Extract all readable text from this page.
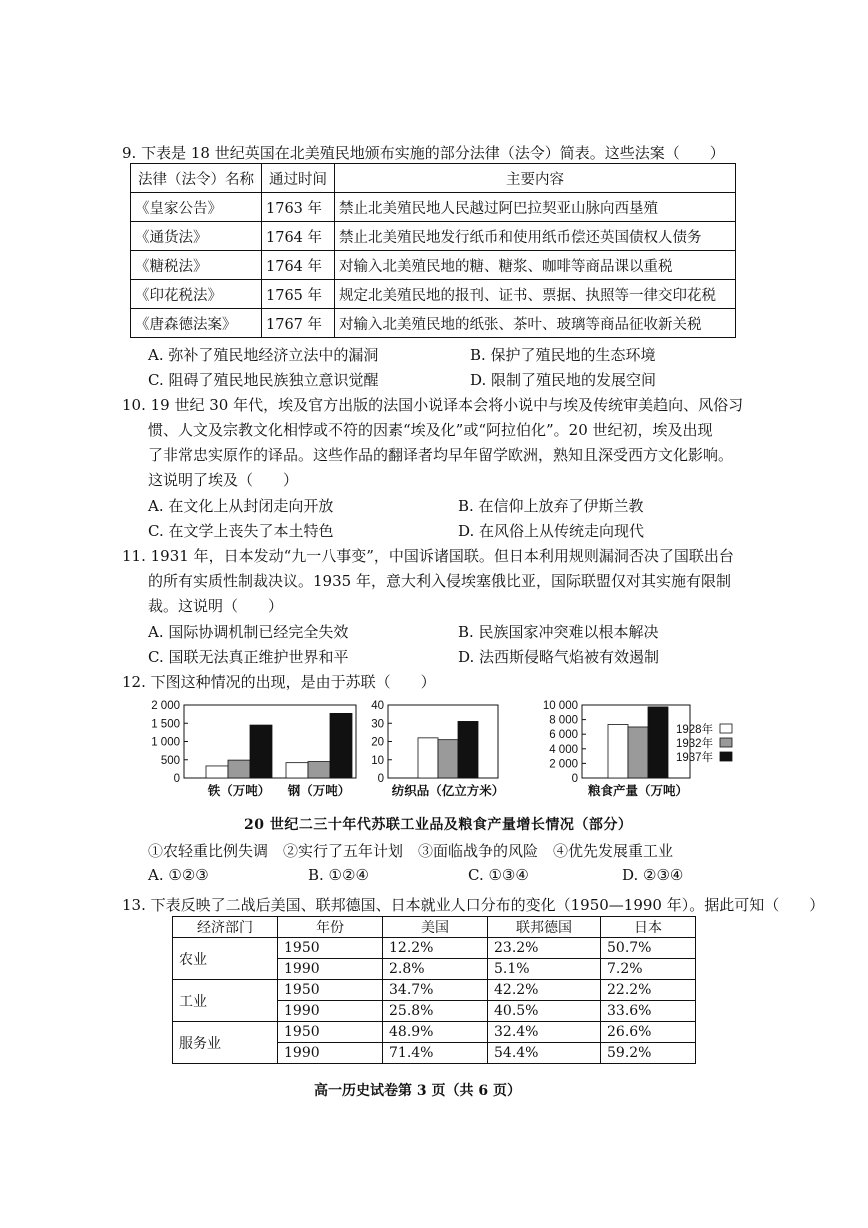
9. 下表是 18 世纪英国在北美殖民地颁布实施的部分法律（法令）简表。这些法案（　　）
法律（法令）名称	通过时间	主要内容
《皇家公告》	1763 年	禁止北美殖民地人民越过阿巴拉契亚山脉向西垦殖
《通货法》	1764 年	禁止北美殖民地发行纸币和使用纸币偿还英国债权人债务
《糖税法》	1764 年	对输入北美殖民地的糖、糖浆、咖啡等商品课以重税
《印花税法》	1765 年	规定北美殖民地的报刊、证书、票据、执照等一律交印花税
《唐森德法案》	1767 年	对输入北美殖民地的纸张、茶叶、玻璃等商品征收新关税
A. 弥补了殖民地经济立法中的漏洞	B. 保护了殖民地的生态环境
C. 阻碍了殖民地民族独立意识觉醒	D. 限制了殖民地的发展空间
10. 19 世纪 30 年代，埃及官方出版的法国小说译本会将小说中与埃及传统审美趋向、风俗习
惯、人文及宗教文化相悖或不符的因素“埃及化”或“阿拉伯化”。20 世纪初，埃及出现
了非常忠实原作的译品。这些作品的翻译者均早年留学欧洲，熟知且深受西方文化影响。
这说明了埃及（　　）
A. 在文化上从封闭走向开放	B. 在信仰上放弃了伊斯兰教
C. 在文学上丧失了本土特色	D. 在风俗上从传统走向现代
11. 1931 年，日本发动“九一八事变”，中国诉诸国联。但日本利用规则漏洞否决了国联出台
的所有实质性制裁决议。1935 年，意大利入侵埃塞俄比亚，国际联盟仅对其实施有限制
裁。这说明（　　）
A. 国际协调机制已经完全失效	B. 民族国家冲突难以根本解决
C. 国联无法真正维护世界和平	D. 法西斯侵略气焰被有效遏制
12. 下图这种情况的出现，是由于苏联（　　）
2 000
1 500
1 000
500
0
铁（万吨） 钢（万吨）
40
30
20
10
0
纺织品（亿立方米）
10 000
8 000
6 000
4 000
2 000
0
粮食产量（万吨）
1928年
1932年
1937年
20 世纪二三十年代苏联工业品及粮食产量增长情况（部分）
①农轻重比例失调　②实行了五年计划　③面临战争的风险　④优先发展重工业
A. ①②③	B. ①②④	C. ①③④	D. ②③④
13. 下表反映了二战后美国、联邦德国、日本就业人口分布的变化（1950—1990 年）。据此可知（　　）
经济部门	年份	美国	联邦德国	日本
农业	1950	12.2%	23.2%	50.7%
	1990	2.8%	5.1%	7.2%
工业	1950	34.7%	42.2%	22.2%
	1990	25.8%	40.5%	33.6%
服务业	1950	48.9%	32.4%	26.6%
	1990	71.4%	54.4%	59.2%
高一历史试卷第 3 页（共 6 页）
